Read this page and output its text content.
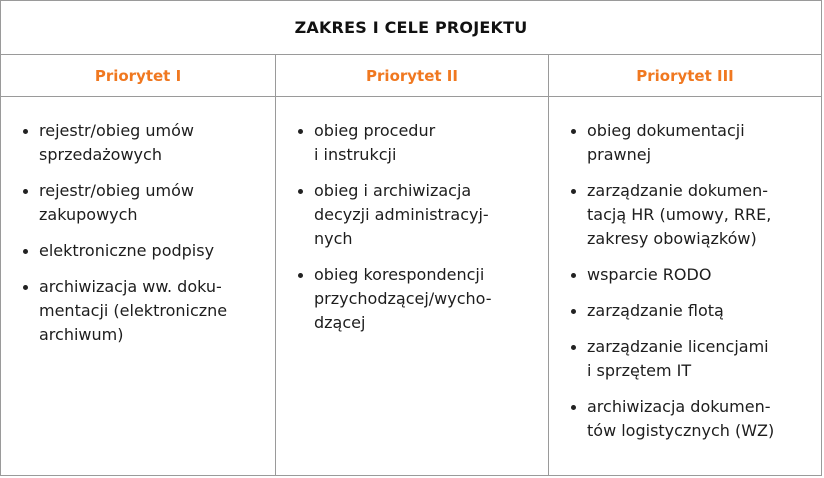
ZAKRES I CELE PROJEKTU
Priorytet I	Priorytet II	Priorytet III
rejestr/obieg umów
sprzedażowych
rejestr/obieg umów
zakupowych
elektroniczne podpisy
archiwizacja ww. doku-
mentacji (elektroniczne
archiwum)
obieg procedur
i instrukcji
obieg i archiwizacja
decyzji administracyj-
nych
obieg korespondencji
przychodzącej/wycho-
dzącej
obieg dokumentacji
prawnej
zarządzanie dokumen-
tacją HR (umowy, RRE,
zakresy obowiązków)
wsparcie RODO
zarządzanie flotą
zarządzanie licencjami
i sprzętem IT
archiwizacja dokumen-
tów logistycznych (WZ)
